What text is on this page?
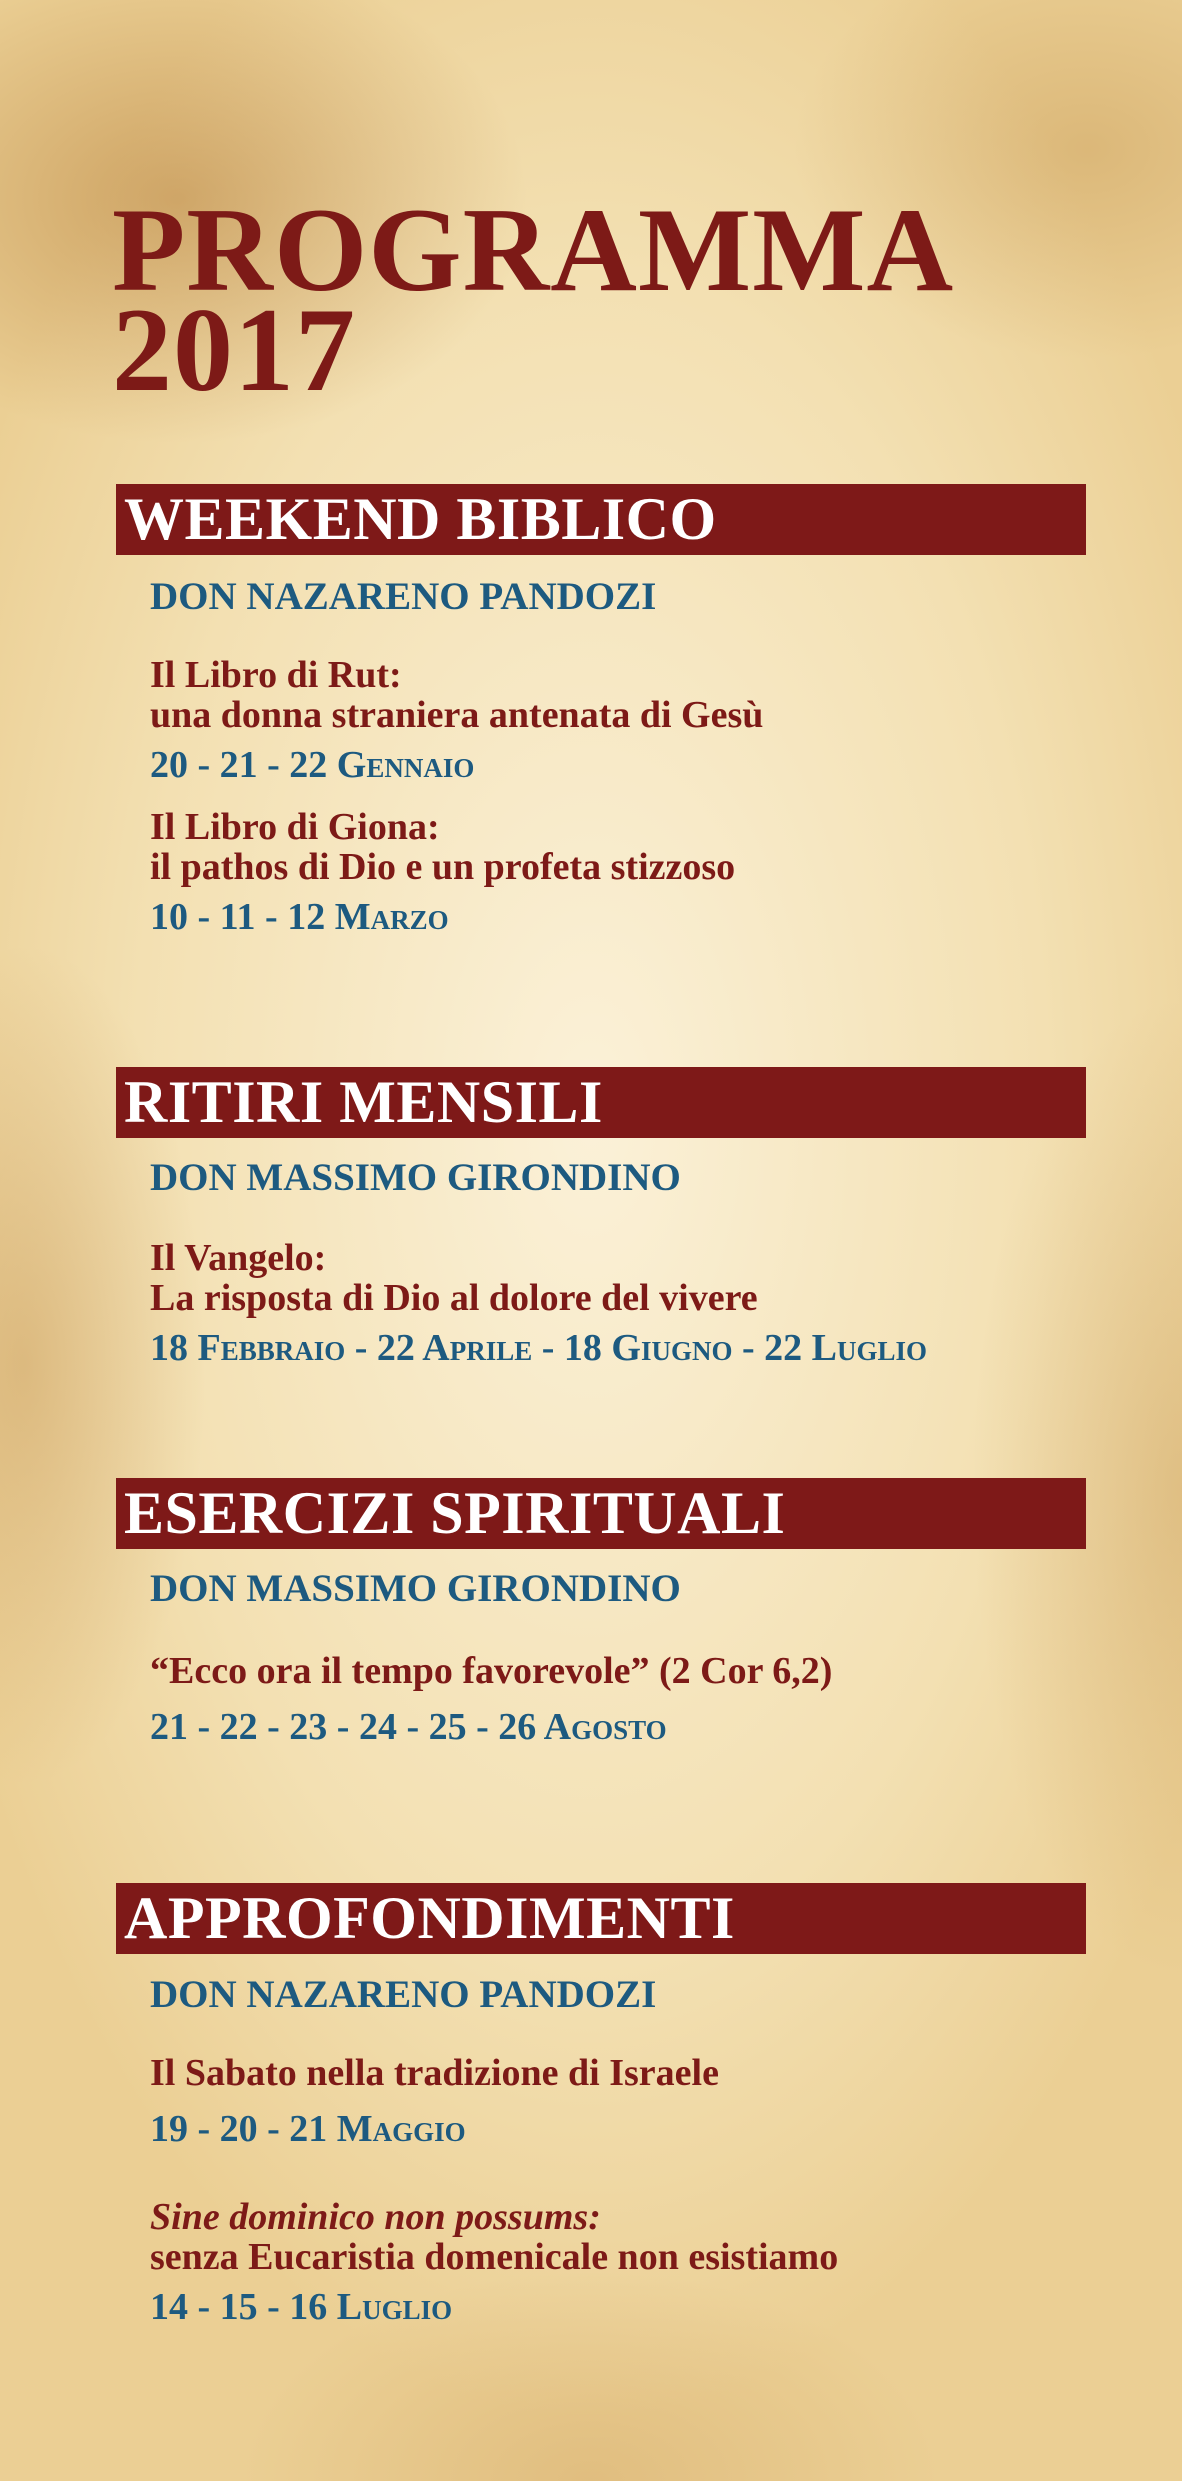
PROGRAMMA
2017
WEEKEND BIBLICO
DON NAZARENO PANDOZI
Il Libro di Rut:
una donna straniera antenata di Gesù
20 - 21 - 22 Gennaio
Il Libro di Giona:
il pathos di Dio e un profeta stizzoso
10 - 11 - 12 Marzo
RITIRI MENSILI
DON MASSIMO GIRONDINO
Il Vangelo:
La risposta di Dio al dolore del vivere
18 Febbraio - 22 Aprile - 18 Giugno - 22 Luglio
ESERCIZI SPIRITUALI
DON MASSIMO GIRONDINO
“Ecco ora il tempo favorevole” (2 Cor 6,2)
21 - 22 - 23 - 24 - 25 - 26 Agosto
APPROFONDIMENTI
DON NAZARENO PANDOZI
Il Sabato nella tradizione di Israele
19 - 20 - 21 Maggio
Sine dominico non possums:
senza Eucaristia domenicale non esistiamo
14 - 15 - 16 Luglio
